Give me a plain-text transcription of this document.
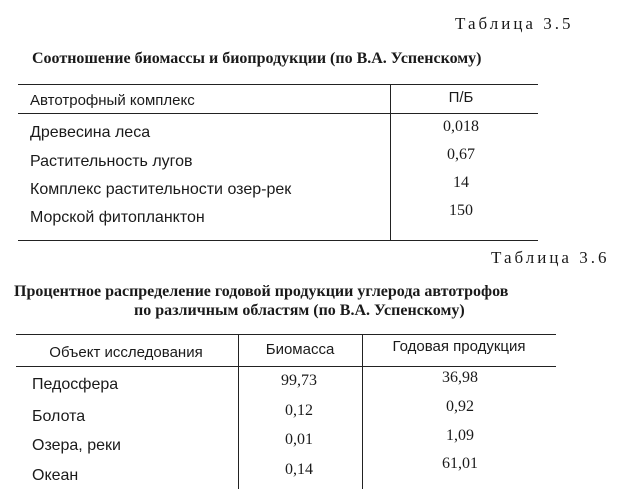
Таблица 3.5
Соотношение биомассы и биопродукции (по В.А. Успенскому)
Автотрофный комплекс	П/Б
Древесина леса	0,018
Растительность лугов	0,67
Комплекс растительности озер-рек	14
Морской фитопланктон	150
Таблица 3.6
Процентное распределение годовой продукции углерода автотрофов
по различным областям (по В.А. Успенскому)
Объект исследования	Биомасса	Годовая продукция
Педосфера	99,73	36,98
Болота	0,12	0,92
Озера, реки	0,01	1,09
Океан	0,14	61,01
